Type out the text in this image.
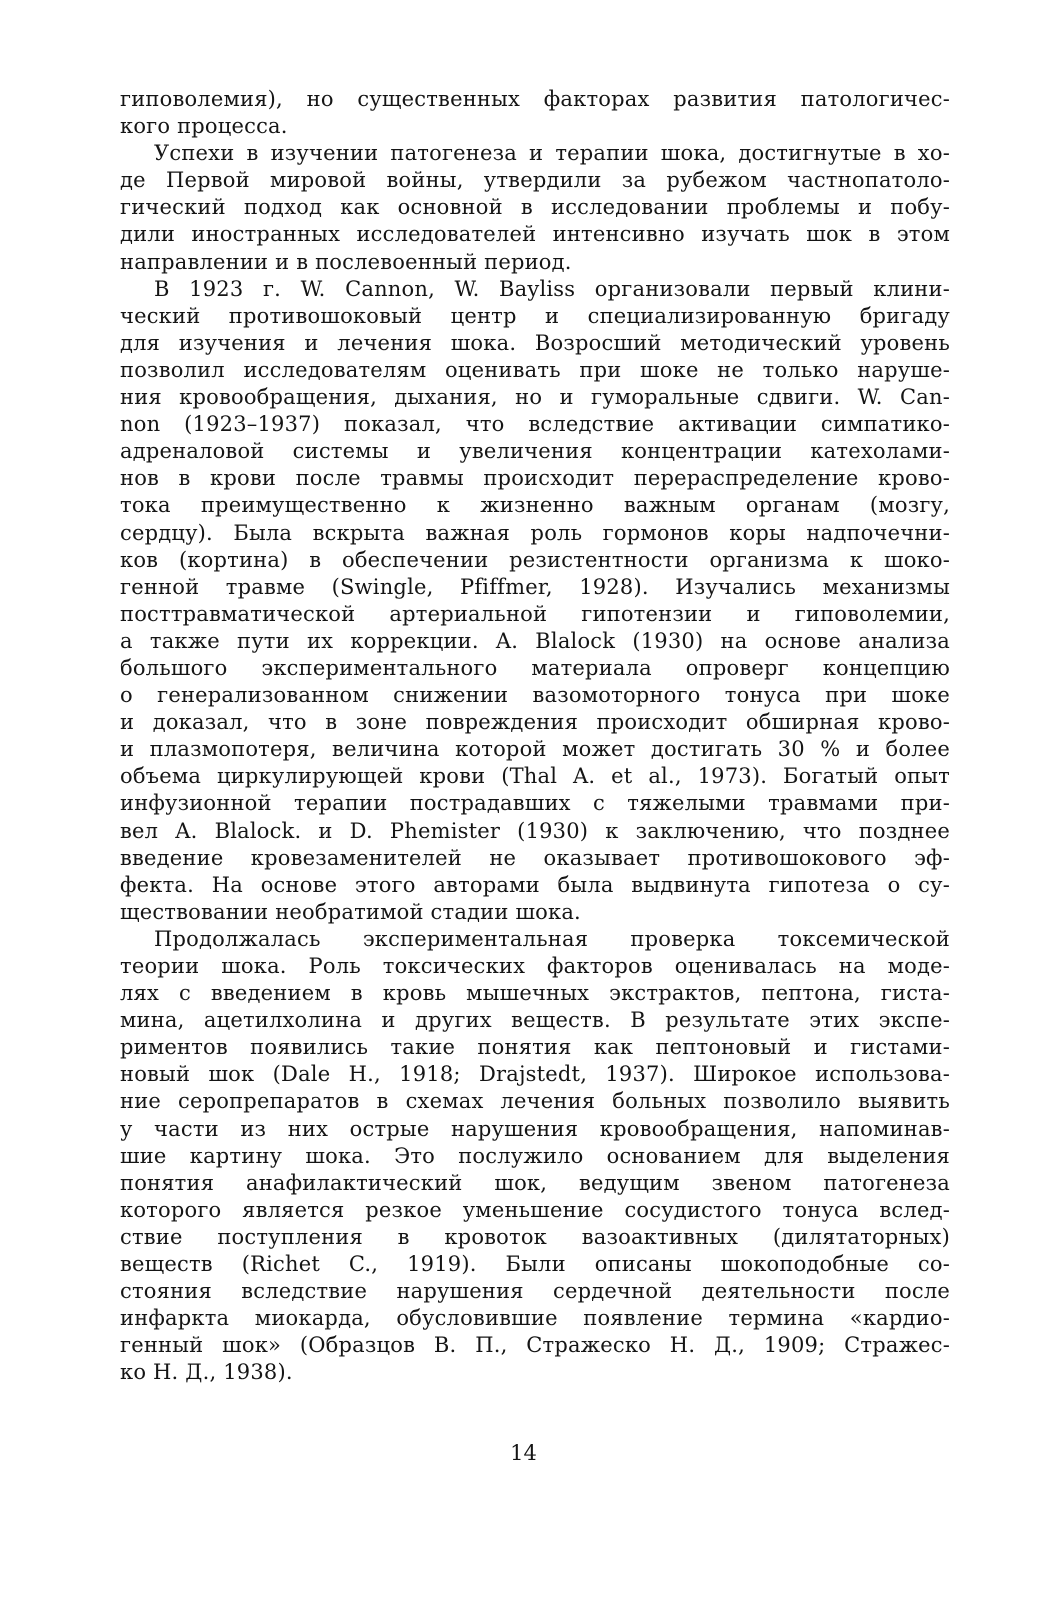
гиповолемия), но существенных факторах развития патологичес-
кого процесса.
Успехи в изучении патогенеза и терапии шока, достигнутые в хо-
де Первой мировой войны, утвердили за рубежом частнопатоло-
гический подход как основной в исследовании проблемы и побу-
дили иностранных исследователей интенсивно изучать шок в этом
направлении и в послевоенный период.
В 1923 г. W. Cannon, W. Bayliss организовали первый клини-
ческий противошоковый центр и специализированную бригаду
для изучения и лечения шока. Возросший методический уровень
позволил исследователям оценивать при шоке не только наруше-
ния кровообращения, дыхания, но и гуморальные сдвиги. W. Can-
non (1923–1937) показал, что вследствие активации симпатико-
адреналовой системы и увеличения концентрации катехолами-
нов в крови после травмы происходит перераспределение крово-
тока преимущественно к жизненно важным органам (мозгу,
сердцу). Была вскрыта важная роль гормонов коры надпочечни-
ков (кортина) в обеспечении резистентности организма к шоко-
генной травме (Swingle, Pfiffmer, 1928). Изучались механизмы
посттравматической артериальной гипотензии и гиповолемии,
а также пути их коррекции. A. Blalock (1930) на основе анализа
большого экспериментального материала опроверг концепцию
о генерализованном снижении вазомоторного тонуса при шоке
и доказал, что в зоне повреждения происходит обширная крово-
и плазмопотеря, величина которой может достигать 30 % и более
объема циркулирующей крови (Thal A. et al., 1973). Богатый опыт
инфузионной терапии пострадавших с тяжелыми травмами при-
вел A. Blalock. и D. Phemister (1930) к заключению, что позднее
введение кровезаменителей не оказывает противошокового эф-
фекта. На основе этого авторами была выдвинута гипотеза о су-
ществовании необратимой стадии шока.
Продолжалась экспериментальная проверка токсемической
теории шока. Роль токсических факторов оценивалась на моде-
лях с введением в кровь мышечных экстрактов, пептона, гиста-
мина, ацетилхолина и других веществ. В результате этих экспе-
риментов появились такие понятия как пептоновый и гистами-
новый шок (Dale H., 1918; Drajstedt, 1937). Широкое использова-
ние серопрепаратов в схемах лечения больных позволило выявить
у части из них острые нарушения кровообращения, напоминав-
шие картину шока. Это послужило основанием для выделения
понятия анафилактический шок, ведущим звеном патогенеза
которого является резкое уменьшение сосудистого тонуса вслед-
ствие поступления в кровоток вазоактивных (дилятаторных)
веществ (Richet C., 1919). Были описаны шокоподобные со-
стояния вследствие нарушения сердечной деятельности после
инфаркта миокарда, обусловившие появление термина «кардио-
генный шок» (Образцов В. П., Стражеско Н. Д., 1909; Стражес-
ко Н. Д., 1938).
14
